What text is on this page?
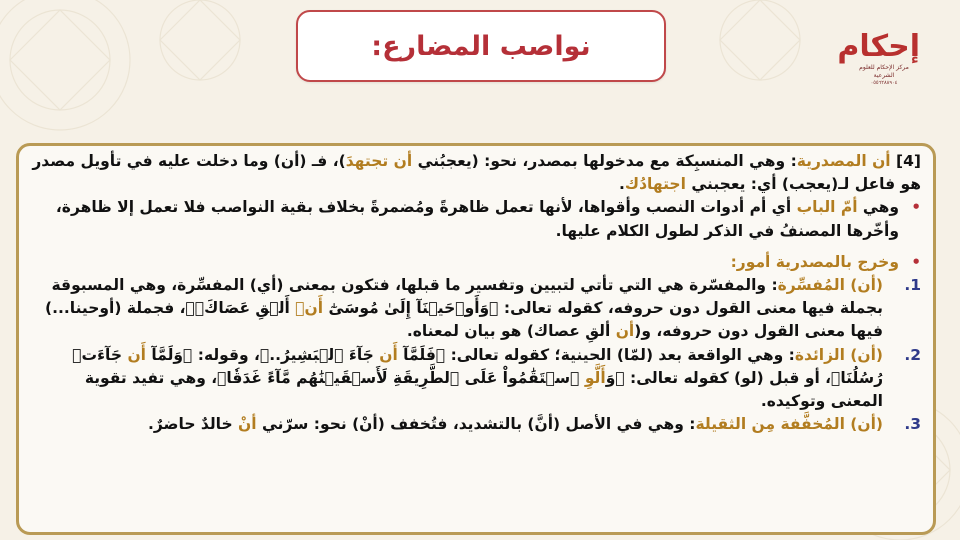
نواصب المضارع:	إحكام
مركز الإحكام للعلوم الشرعية
٠٥٥٦٢٨٨٩٠٤

[4] أن المصدرية: وهي المنسبِكة مع مدخولها بمصدر، نحو: (يعجبُني أن تجتهدَ)، فـ (أن) وما دخلت عليه في تأويل مصدر هو فاعل لـ(يعجب) أي: يعجبني اجتهادُك.

•
وهي أمّ الباب أي أم أدوات النصب وأقواها، لأنها تعمل ظاهرةً ومُضمرةً بخلاف بقية النواصب فلا تعمل إلا ظاهرة، وأخّرها المصنفُ في الذكر لطول الكلام عليها.

•
وخرج بالمصدرية أمور:

1.
(أن) المُفسِّرة: والمفسّرة هي التي تأتي لتبيين وتفسير ما قبلها، فتكون بمعنى (أي) المفسِّرة، وهي المسبوقة بجملة فيها معنى القول دون حروفه، كقوله تعالى: ﴿وَأَوۡحَيۡنَآ إِلَىٰ مُوسَىٰٓ أَنۡ أَلۡقِ عَصَاكَۖ﴾، فجملة (أوحينا...) فيها معنى القول دون حروفه، و(أن ألقِ عصاك) هو بيان لمعناه.

2.
(أن) الزائدة: وهي الواقعة بعد (لمّا) الحينية؛ كقوله تعالى: ﴿فَلَمَّآ أَن جَآءَ ٱلۡبَشِيرُ..﴾، وقوله: ﴿وَلَمَّآ أَن جَآءَتۡ رُسُلُنَا﴾، أو قبل (لو) كقوله تعالى: ﴿وَأَلَّوِ ٱسۡتَقَٰمُواْ عَلَى ٱلطَّرِيقَةِ لَأَسۡقَيۡنَٰهُم مَّآءً غَدَقٗا﴾، وهي تفيد تقوية المعنى وتوكيده.

3.
(أن) المُخفَّفة مِن الثقيلة: وهي في الأصل (أنَّ) بالتشديد، فتُخفف (أنْ) نحو: سرّني أنْ خالدٌ حاضرٌ.
